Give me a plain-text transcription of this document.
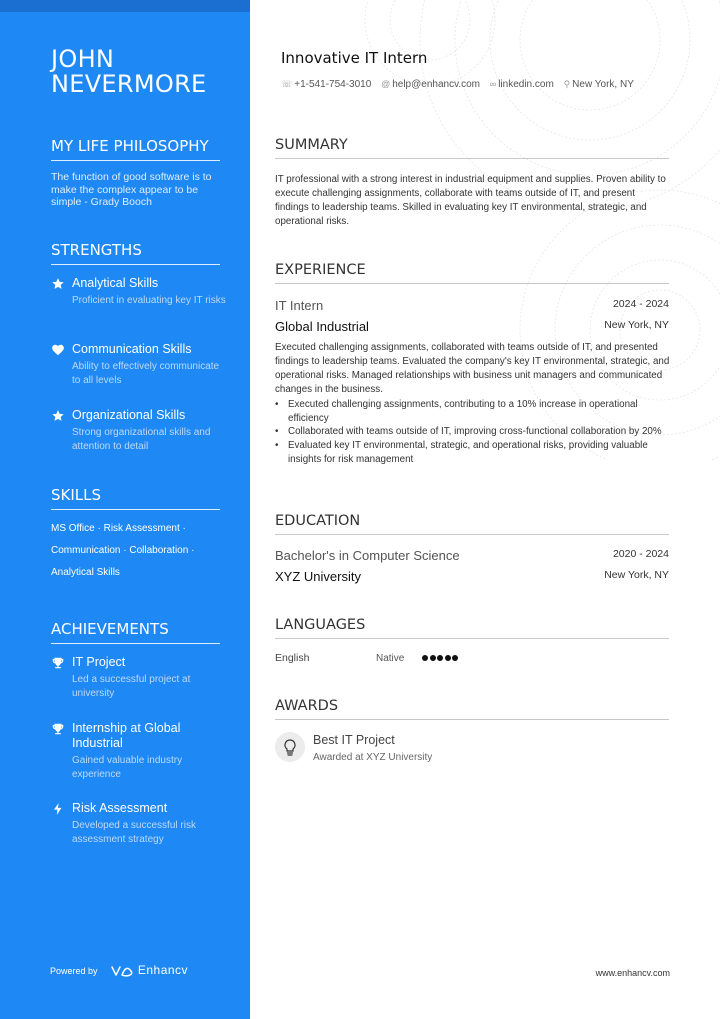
JOHN NEVERMORE
MY LIFE PHILOSOPHY
The function of good software is to make the complex appear to be simple - Grady Booch
STRENGTHS
Analytical Skills
Proficient in evaluating key IT risks
Communication Skills
Ability to effectively communicate to all levels
Organizational Skills
Strong organizational skills and attention to detail
SKILLS
MS Office · Risk Assessment ·
Communication · Collaboration ·
Analytical Skills
ACHIEVEMENTS
IT Project
Led a successful project at university
Internship at Global Industrial
Gained valuable industry experience
Risk Assessment
Developed a successful risk assessment strategy
Powered by	Enhancv
Innovative IT Intern
☏ +1-541-754-3010 @ help@enhancv.com ∞ linkedin.com ⚲ New York, NY
SUMMARY
IT professional with a strong interest in industrial equipment and supplies. Proven ability to execute challenging assignments, collaborate with teams outside of IT, and present findings to leadership teams. Skilled in evaluating key IT environmental, strategic, and operational risks.
EXPERIENCE
IT Intern	2024 - 2024
Global Industrial	New York, NY
Executed challenging assignments, collaborated with teams outside of IT, and presented findings to leadership teams. Evaluated the company's key IT environmental, strategic, and operational risks. Managed relationships with business unit managers and communicated changes in the business.
• Executed challenging assignments, contributing to a 10% increase in operational efficiency
• Collaborated with teams outside of IT, improving cross-functional collaboration by 20%
• Evaluated key IT environmental, strategic, and operational risks, providing valuable insights for risk management
EDUCATION
Bachelor's in Computer Science	2020 - 2024
XYZ University	New York, NY
LANGUAGES
English	Native
AWARDS
Best IT Project
Awarded at XYZ University
www.enhancv.com
